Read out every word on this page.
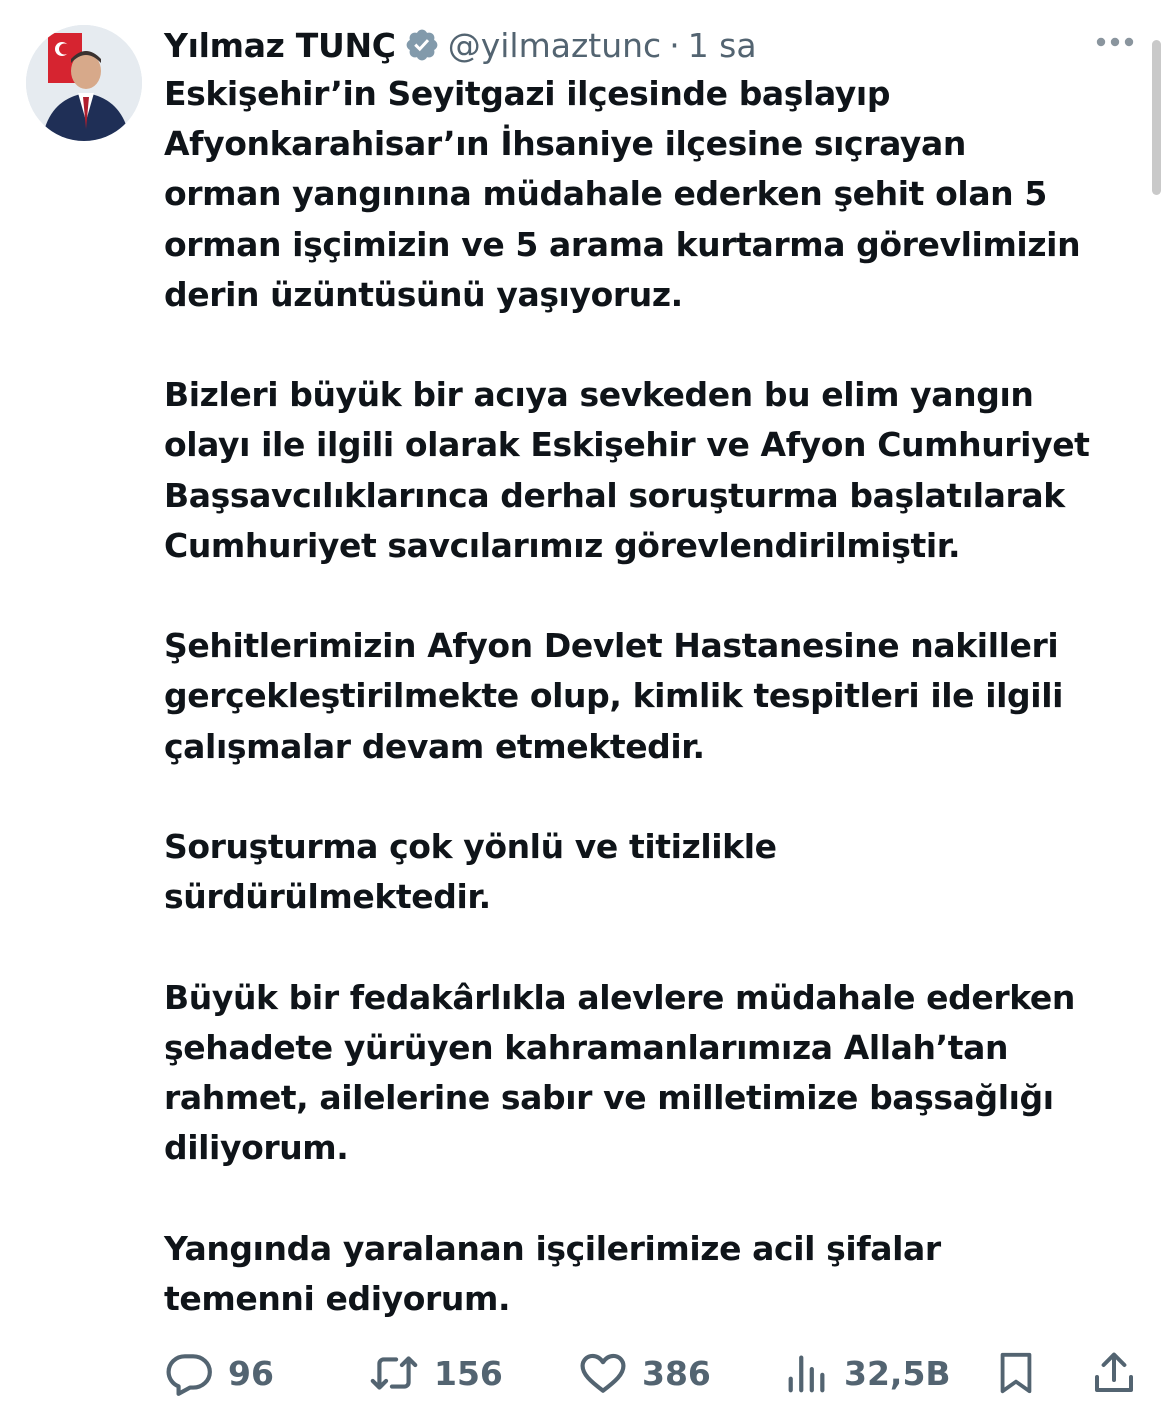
Yılmaz TUNÇ @yilmaztunc · 1 sa

Eskişehir’in Seyitgazi ilçesinde başlayıp
Afyonkarahisar’ın İhsaniye ilçesine sıçrayan
orman yangınına müdahale ederken şehit olan 5
orman işçimizin ve 5 arama kurtarma görevlimizin
derin üzüntüsünü yaşıyoruz.

Bizleri büyük bir acıya sevkeden bu elim yangın
olayı ile ilgili olarak Eskişehir ve Afyon Cumhuriyet
Başsavcılıklarınca derhal soruşturma başlatılarak
Cumhuriyet savcılarımız görevlendirilmiştir.

Şehitlerimizin Afyon Devlet Hastanesine nakilleri
gerçekleştirilmekte olup, kimlik tespitleri ile ilgili
çalışmalar devam etmektedir.

Soruşturma çok yönlü ve titizlikle
sürdürülmektedir.

Büyük bir fedakârlıkla alevlere müdahale ederken
şehadete yürüyen kahramanlarımıza Allah’tan
rahmet, ailelerine sabır ve milletimize başsağlığı
diliyorum.

Yangında yaralanan işçilerimize acil şifalar
temenni ediyorum.

96	156	386	32,5B
